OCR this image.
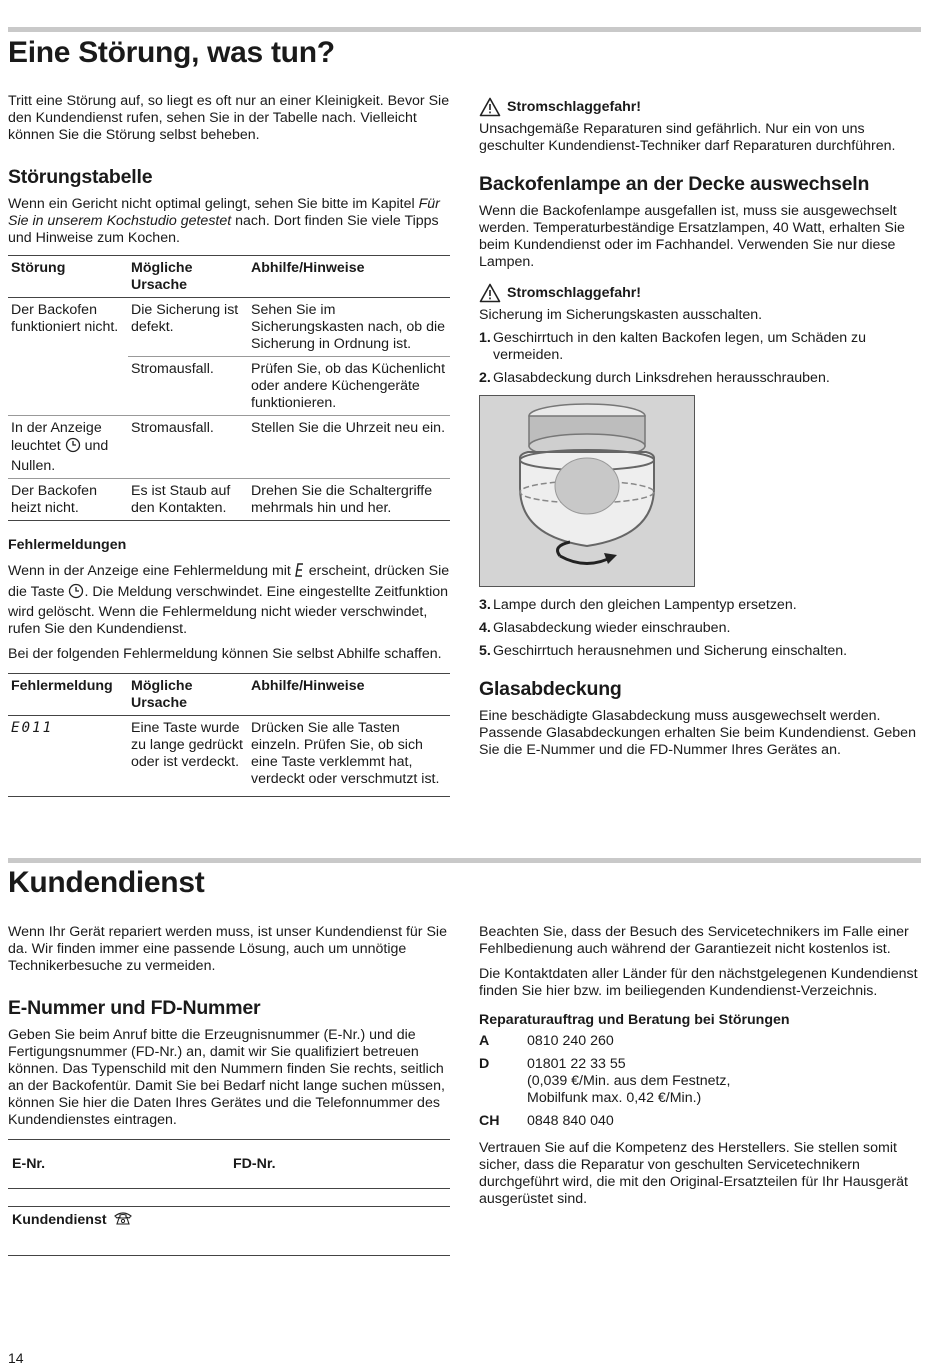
Eine Störung, was tun?

Tritt eine Störung auf, so liegt es oft nur an einer Kleinigkeit. Bevor Sie den Kundendienst rufen, sehen Sie in der Tabelle nach. Vielleicht können Sie die Störung selbst beheben.

Störungstabelle

Wenn ein Gericht nicht optimal gelingt, sehen Sie bitte im Kapitel Für Sie in unserem Kochstudio getestet nach. Dort finden Sie viele Tipps und Hinweise zum Kochen.

Störung	Mögliche Ursache	Abhilfe/Hinweise
Der Backofen funktioniert nicht.	Die Sicherung ist defekt.	Sehen Sie im Sicherungskasten nach, ob die Sicherung in Ordnung ist.
	Stromausfall.	Prüfen Sie, ob das Küchenlicht oder andere Küchengeräte funktionieren.
In der Anzeige leuchtet  und Nullen.	Stromausfall.	Stellen Sie die Uhrzeit neu ein.
Der Backofen heizt nicht.	Es ist Staub auf den Kontakten.	Drehen Sie die Schaltergriffe mehrmals hin und her.
Fehlermeldungen

Wenn in der Anzeige eine Fehlermeldung mit  erscheint, drücken Sie die Taste . Die Meldung verschwindet. Eine eingestellte Zeitfunktion wird gelöscht. Wenn die Fehlermeldung nicht wieder verschwindet, rufen Sie den Kundendienst.

Bei der folgenden Fehlermeldung können Sie selbst Abhilfe schaffen.

Fehlermeldung	Mögliche Ursache	Abhilfe/Hinweise
E011	Eine Taste wurde zu lange gedrückt oder ist verdeckt.	Drücken Sie alle Tasten einzeln. Prüfen Sie, ob sich eine Taste verklemmt hat, verdeckt oder verschmutzt ist.
Stromschlaggefahr!

Unsachgemäße Reparaturen sind gefährlich. Nur ein von uns geschulter Kundendienst-Techniker darf Reparaturen durchführen.

Backofenlampe an der Decke auswechseln

Wenn die Backofenlampe ausgefallen ist, muss sie ausgewechselt werden. Temperaturbeständige Ersatzlampen, 40 Watt, erhalten Sie beim Kundendienst oder im Fachhandel. Verwenden Sie nur diese Lampen.

Stromschlaggefahr!

Sicherung im Sicherungskasten ausschalten.

1. Geschirrtuch in den kalten Backofen legen, um Schäden zu vermeiden.
2. Glasabdeckung durch Linksdrehen herausschrauben.
3. Lampe durch den gleichen Lampentyp ersetzen.
4. Glasabdeckung wieder einschrauben.
5. Geschirrtuch herausnehmen und Sicherung einschalten.
Glasabdeckung

Eine beschädigte Glasabdeckung muss ausgewechselt werden. Passende Glasabdeckungen erhalten Sie beim Kundendienst. Geben Sie die E-Nummer und die FD-Nummer Ihres Gerätes an.

Kundendienst

Wenn Ihr Gerät repariert werden muss, ist unser Kundendienst für Sie da. Wir finden immer eine passende Lösung, auch um unnötige Technikerbesuche zu vermeiden.

E-Nummer und FD-Nummer

Geben Sie beim Anruf bitte die Erzeugnisnummer (E-Nr.) und die Fertigungsnummer (FD-Nr.) an, damit wir Sie qualifiziert betreuen können. Das Typenschild mit den Nummern finden Sie rechts, seitlich an der Backofentür. Damit Sie bei Bedarf nicht lange suchen müssen, können Sie hier die Daten Ihres Gerätes und die Telefonnummer des Kundendienstes eintragen.

E-Nr.	FD-Nr.
Kundendienst

Beachten Sie, dass der Besuch des Servicetechnikers im Falle einer Fehlbedienung auch während der Garantiezeit nicht kostenlos ist.

Die Kontaktdaten aller Länder für den nächstgelegenen Kundendienst finden Sie hier bzw. im beiliegenden Kundendienst-Verzeichnis.

Reparaturauftrag und Beratung bei Störungen
A	0810 240 260
D	01801 22 33 55
(0,039 €/Min. aus dem Festnetz,
Mobilfunk max. 0,42 €/Min.)

CH	0848 840 040

Vertrauen Sie auf die Kompetenz des Herstellers. Sie stellen somit sicher, dass die Reparatur von geschulten Servicetechnikern durchgeführt wird, die mit den Original-Ersatzteilen für Ihr Hausgerät ausgerüstet sind.

14
